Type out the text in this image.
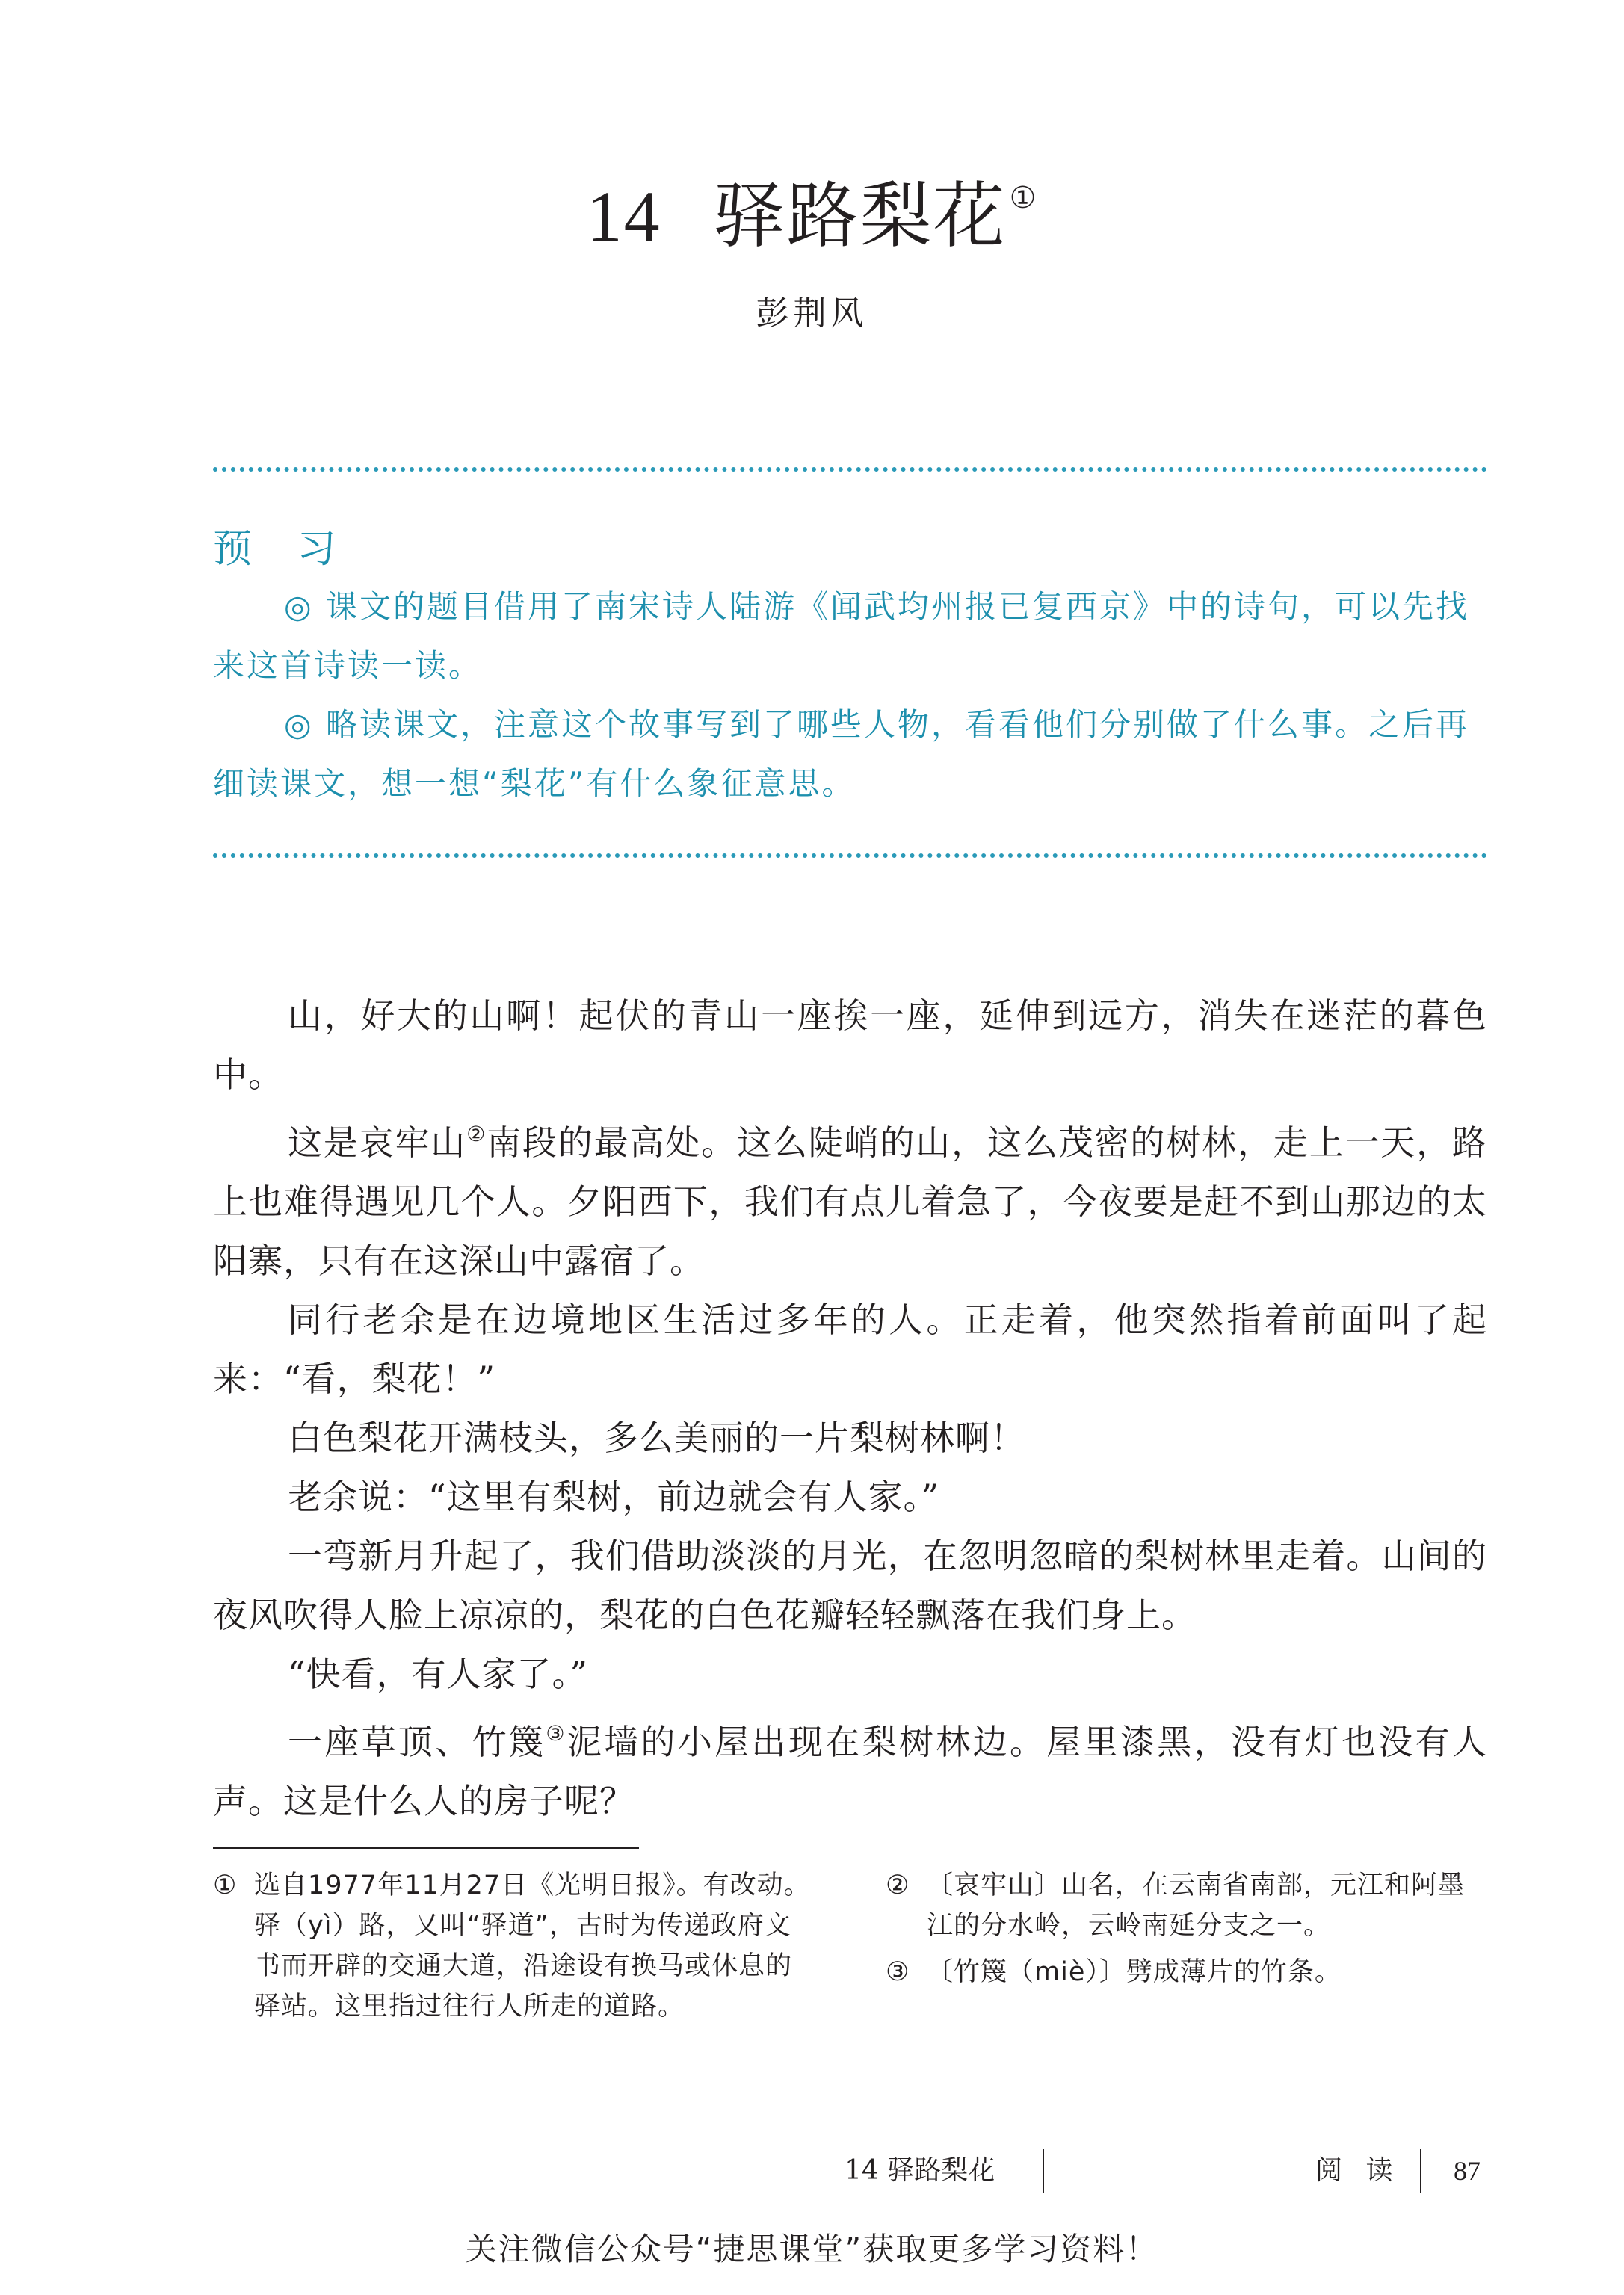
14 驿路梨花 ①
彭荆风
预 习

◎ 课文的题目借用了南宋诗人陆游《闻武均州报已复西京》中的诗句，可以先找来这首诗读一读。

◎ 略读课文，注意这个故事写到了哪些人物，看看他们分别做了什么事。之后再细读课文，想一想“梨花”有什么象征意思。

山，好大的山啊！起伏的青山一座挨一座，延伸到远方，消失在迷茫的暮色中。

这是哀牢山②南段的最高处。这么陡峭的山，这么茂密的树林，走上一天，路上也难得遇见几个人。夕阳西下，我们有点儿着急了，今夜要是赶不到山那边的太阳寨，只有在这深山中露宿了。

同行老余是在边境地区生活过多年的人。正走着，他突然指着前面叫了起来：“看，梨花！”

白色梨花开满枝头，多么美丽的一片梨树林啊！

老余说：“这里有梨树，前边就会有人家。”

一弯新月升起了，我们借助淡淡的月光，在忽明忽暗的梨树林里走着。山间的夜风吹得人脸上凉凉的，梨花的白色花瓣轻轻飘落在我们身上。

“快看，有人家了。”

一座草顶、竹篾③泥墙的小屋出现在梨树林边。屋里漆黑，没有灯也没有人声。这是什么人的房子呢？

① 选自1977年11月27日《光明日报》。有改动。驿（yì）路，又叫“驿道”，古时为传递政府文书而开辟的交通大道，沿途设有换马或休息的驿站。这里指过往行人所走的道路。
② 〔哀牢山〕山名，在云南省南部，元江和阿墨江的分水岭，云岭南延分支之一。
③ 〔竹篾（miè）〕劈成薄片的竹条。
14 驿路梨花	阅 读 87
关注微信公众号“捷思课堂”获取更多学习资料！
